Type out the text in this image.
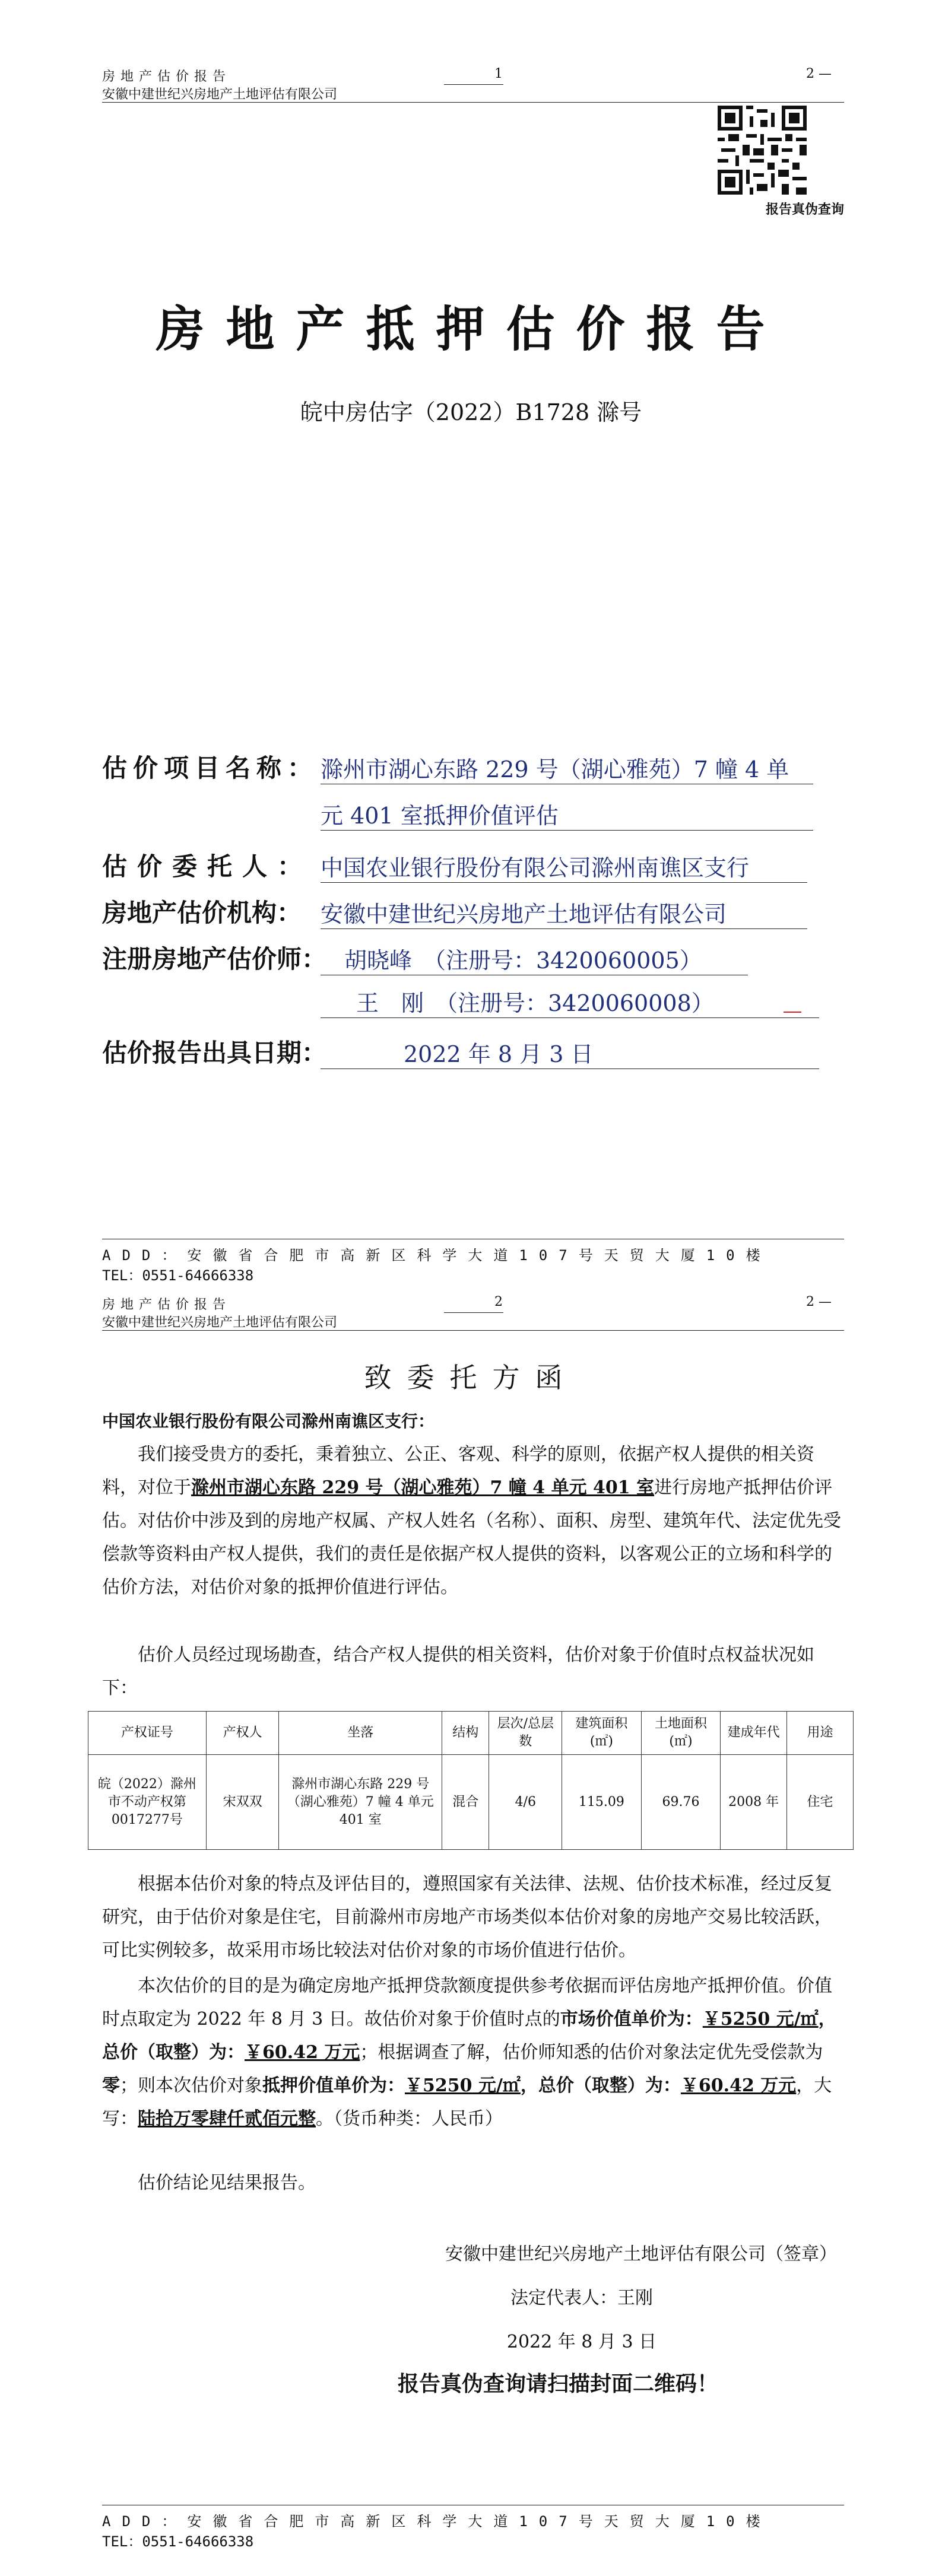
房地产估价报告
安徽中建世纪兴房地产土地评估有限公司
1	2 —
报告真伪查询
房地产抵押估价报告
皖中房估字（2022）B1728 滁号
估价项目名称： 滁州市湖心东路 229 号（湖心雅苑）7 幢 4 单
元 401 室抵押价值评估
估价委托人： 中国农业银行股份有限公司滁州南谯区支行
房地产估价机构： 安徽中建世纪兴房地产土地评估有限公司
注册房地产估价师： 胡晓峰　（注册号：3420060005）
王　刚　（注册号：3420060008）
估价报告出具日期：	2022 年 8 月 3 日
ADD：安徽省合肥市高新区科学大道107号天贸大厦10楼
TEL：0551-64666338
房地产估价报告
安徽中建世纪兴房地产土地评估有限公司
2	2 —
致委托方函
中国农业银行股份有限公司滁州南谯区支行：
我们接受贵方的委托，秉着独立、公正、客观、科学的原则，依据产权人提供的相关资料，对位于滁州市湖心东路 229 号（湖心雅苑）7 幢 4 单元 401 室进行房地产抵押估价评估。对估价中涉及到的房地产权属、产权人姓名（名称）、面积、房型、建筑年代、法定优先受偿款等资料由产权人提供，我们的责任是依据产权人提供的资料，以客观公正的立场和科学的估价方法，对估价对象的抵押价值进行评估。
估价人员经过现场勘查，结合产权人提供的相关资料，估价对象于价值时点权益状况如下：
产权证号	产权人	坐落	结构	层次/总层数	建筑面积(㎡)	土地面积(㎡)	建成年代	用途
皖（2022）滁州市不动产权第0017277号	宋双双	滁州市湖心东路 229 号（湖心雅苑）7 幢 4 单元 401 室	混合	4/6	115.09	69.76	2008 年	住宅
根据本估价对象的特点及评估目的，遵照国家有关法律、法规、估价技术标准，经过反复研究，由于估价对象是住宅，目前滁州市房地产市场类似本估价对象的房地产交易比较活跃，可比实例较多，故采用市场比较法对估价对象的市场价值进行估价。
本次估价的目的是为确定房地产抵押贷款额度提供参考依据而评估房地产抵押价值。价值时点取定为 2022 年 8 月 3 日。故估价对象于价值时点的市场价值单价为：￥5250 元/㎡，总价（取整）为：￥60.42 万元；根据调查了解，估价师知悉的估价对象法定优先受偿款为零；则本次估价对象抵押价值单价为：￥5250 元/㎡，总价（取整）为：￥60.42 万元，大写：陆拾万零肆仟贰佰元整。（货币种类：人民币）
估价结论见结果报告。
安徽中建世纪兴房地产土地评估有限公司（签章）
法定代表人：王刚
2022 年 8 月 3 日
报告真伪查询请扫描封面二维码！
ADD：安徽省合肥市高新区科学大道107号天贸大厦10楼
TEL：0551-64666338
